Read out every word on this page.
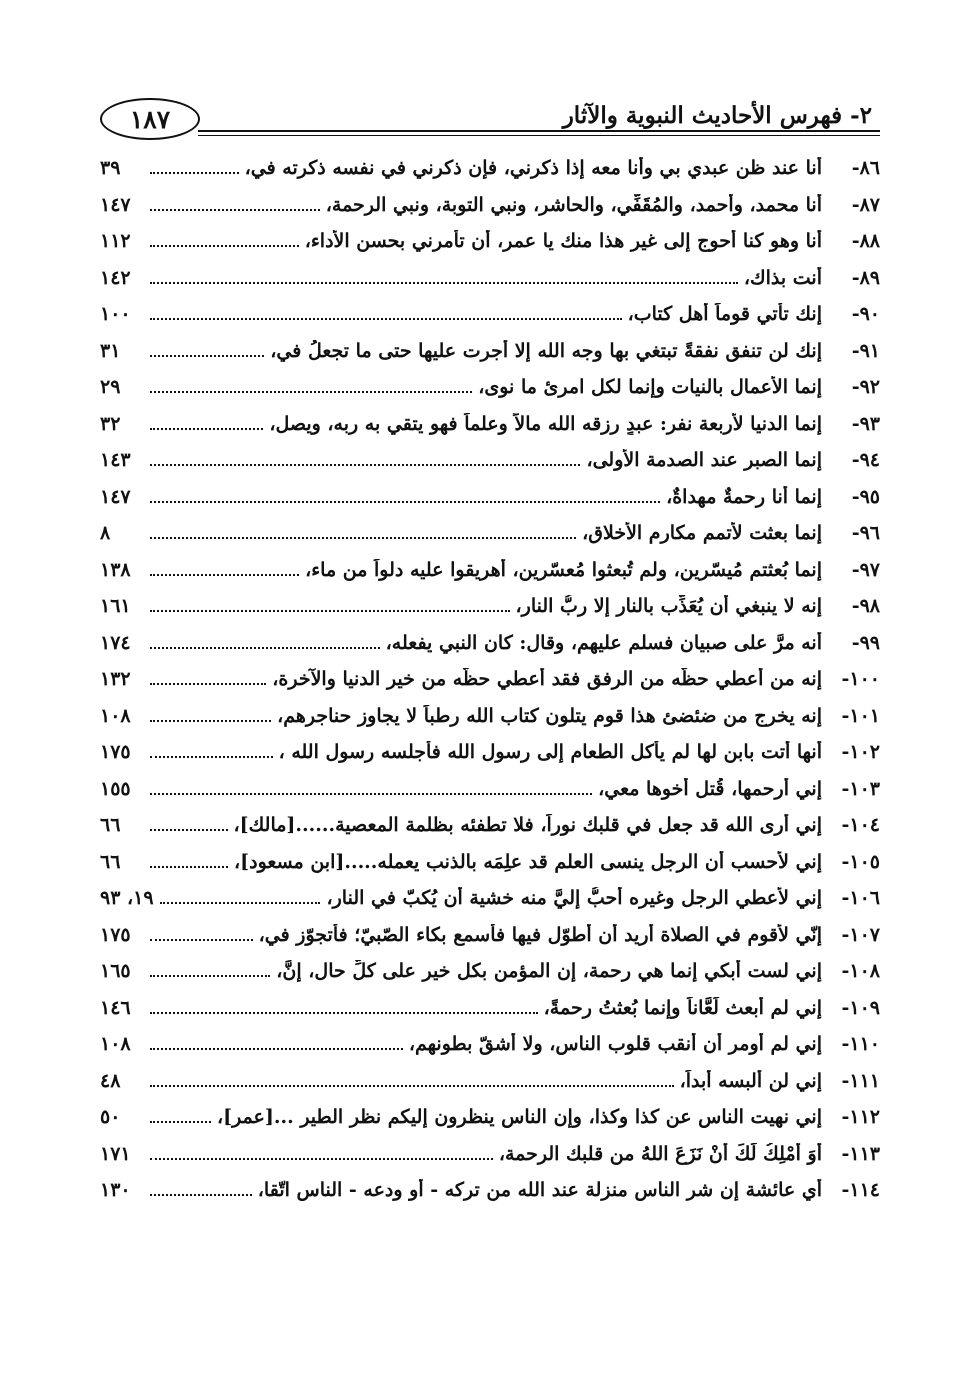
١٨٧	٢- فهرس الأحاديث النبوية والآثار
٨٦-
أنا عند ظن عبدي بي وأنا معه إذا ذكرني، فإن ذكرني في نفسه ذكرته في،
٣٩
٨٧-
أنا محمد، وأحمد، والمُقَفِّي، والحاشر، ونبي التوبة، ونبي الرحمة،
١٤٧
٨٨-
أنا وهو كنا أحوج إلى غير هذا منك يا عمر، أن تأمرني بحسن الأداء،
١١٢
٨٩-
أنت بذاك،
١٤٢
٩٠-
إنك تأتي قوماً أهل كتاب،
١٠٠
٩١-
إنك لن تنفق نفقةً تبتغي بها وجه الله إلا أجرت عليها حتى ما تجعلُ في،
٣١
٩٢-
إنما الأعمال بالنيات وإنما لكل امرئ ما نوى،
٢٩
٩٣-
إنما الدنيا لأربعة نفر: عبدٍ رزقه الله مالاً وعلماً فهو يتقي به ربه، ويصل،
٣٢
٩٤-
إنما الصبر عند الصدمة الأولى،
١٤٣
٩٥-
إنما أنا رحمةٌ مهداةٌ،
١٤٧
٩٦-
إنما بعثت لأتمم مكارم الأخلاق،
٨
٩٧-
إنما بُعثتم مُيسّرين، ولم تُبعثوا مُعسّرين، أهريقوا عليه دلواً من ماء،
١٣٨
٩٨-
إنه لا ينبغي أن يُعَذِّب بالنار إلا ربُّ النار،
١٦١
٩٩-
أنه مرَّ على صبيان فسلم عليهم، وقال: كان النبي يفعله،
١٧٤
١٠٠-
إنه من أعطي حظّه من الرفق فقد أعطي حظّه من خير الدنيا والآخرة،
١٣٢
١٠١-
إنه يخرج من ضئضئ هذا قوم يتلون كتاب الله رطباً لا يجاوز حناجرهم،
١٠٨
١٠٢-
أنها أتت بابنٍ لها لم يأكل الطعام إلى رسول الله فأجلسه رسول الله ،
١٧٥
١٠٣-
إني أرحمها، قُتل أخوها معي،
١٥٥
١٠٤-
إني أرى الله قد جعل في قلبك نوراً، فلا تطفئه بظلمة المعصية......[مالك]،
٦٦
١٠٥-
إني لأحسب أن الرجل ينسى العلم قد علِمَه بالذنب يعمله.....[ابن مسعود]،
٦٦
١٠٦-
إني لأعطي الرجل وغيره أحبُّ إليَّ منه خشية أن يُكبّ في النار،
١٩، ٩٣
١٠٧-
إنّي لأقوم في الصلاة أريد أن أطوّل فيها فأسمع بكاء الصّبيّ؛ فأتجوّز في،
١٧٥
١٠٨-
إني لست أبكي إنما هي رحمة، إن المؤمن بكل خير على كلِّ حال، إنَّ،
١٦٥
١٠٩-
إني لم أُبعث لَعَّاناً وإنما بُعثتُ رحمةً،
١٤٦
١١٠-
إني لم أومر أن أنقب قلوب الناس، ولا أشقّ بطونهم،
١٠٨
١١١-
إني لن ألبسه أبداً،
٤٨
١١٢-
إني نهيت الناس عن كذا وكذا، وإن الناس ينظرون إليكم نظر الطير ...[عمر]،
٥٠
١١٣-
أَوَ أَمْلِكُ لَكَ أَنْ نَزَعَ اللهُ من قلبك الرحمة،
١٧١
١١٤-
أي عائشة إن شر الناس منزلة عند الله من تركه - أو ودعه - الناس اتّقا،
١٣٠
